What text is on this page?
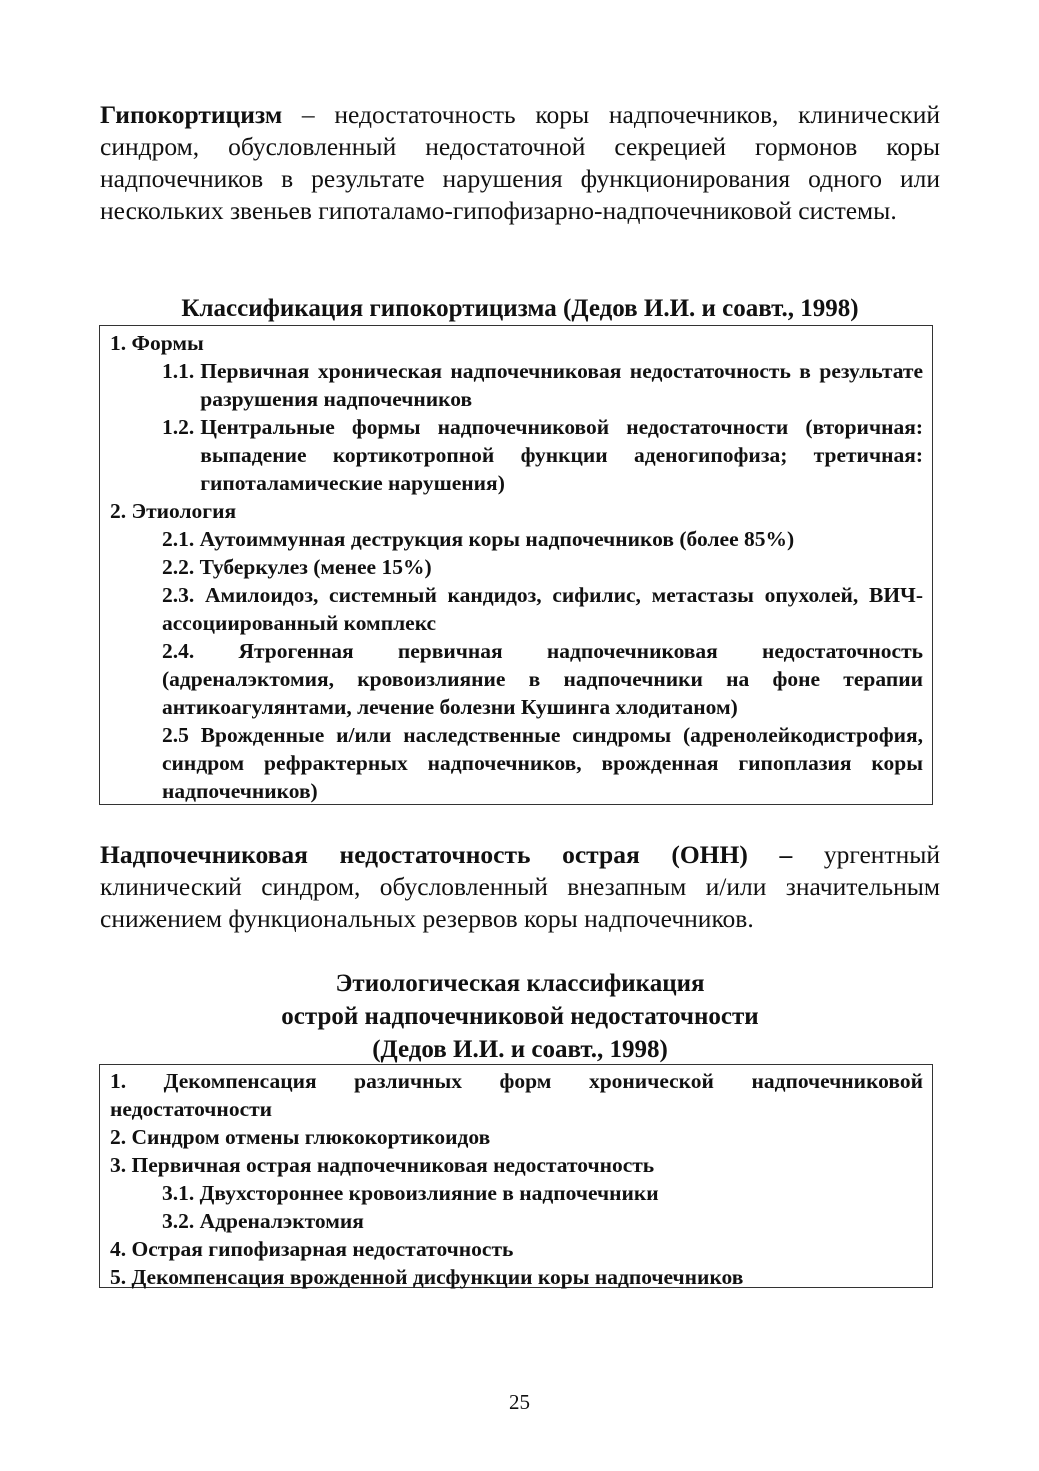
Гипокортицизм – недостаточность коры надпочечников, клинический синдром, обусловленный недостаточной секрецией гормонов коры надпочечников в результате нарушения функционирования одного или нескольких звеньев гипоталамо-гипофизарно-надпочечниковой системы.

Классификация гипокортицизма (Дедов И.И. и соавт., 1998)

1. Формы

1.1. Первичная хроническая надпочечниковая недостаточность в результате разрушения надпочечников
1.2. Центральные формы надпочечниковой недостаточности (вторичная: выпадение кортикотропной функции аденогипофиза; третичная: гипоталамические нарушения)

2. Этиология

2.1. Аутоиммунная деструкция коры надпочечников (более 85%)

2.2. Туберкулез (менее 15%)

2.3. Амилоидоз, системный кандидоз, сифилис, метастазы опухолей, ВИЧ-ассоциированный комплекс

2.4. Ятрогенная первичная надпочечниковая недостаточность (адреналэктомия, кровоизлияние в надпочечники на фоне терапии антикоагулянтами, лечение болезни Кушинга хлодитаном)

2.5 Врожденные и/или наследственные синдромы (адренолейкодистрофия, синдром рефрактерных надпочечников, врожденная гипоплазия коры надпочечников)

Надпочечниковая недостаточность острая (ОНН) – ургентный клинический синдром, обусловленный внезапным и/или значительным снижением функциональных резервов коры надпочечников.

Этиологическая классификация
острой надпочечниковой недостаточности
(Дедов И.И. и соавт., 1998)

1. Декомпенсация различных форм хронической надпочечниковой недостаточности

2. Синдром отмены глюкокортикоидов

3. Первичная острая надпочечниковая недостаточность

3.1. Двухстороннее кровоизлияние в надпочечники

3.2. Адреналэктомия

4. Острая гипофизарная недостаточность

5. Декомпенсация врожденной дисфункции коры надпочечников

25
